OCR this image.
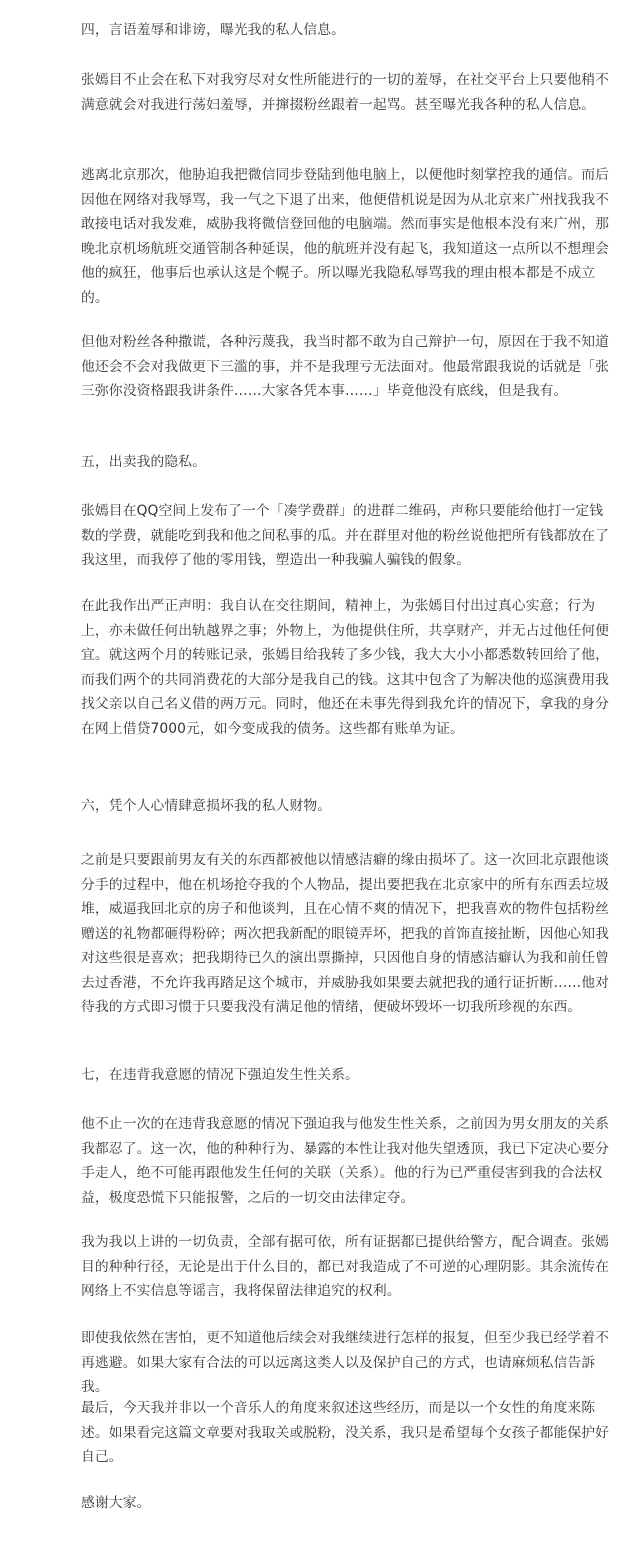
四，言语羞辱和诽谤，曝光我的私人信息。

张嫣目不止会在私下对我穷尽对女性所能进行的一切的羞辱，在社交平台上只要他稍不满意就会对我进行荡妇羞辱，并撺掇粉丝跟着一起骂。甚至曝光我各种的私人信息。

逃离北京那次，他胁迫我把微信同步登陆到他电脑上，以便他时刻掌控我的通信。而后因他在网络对我辱骂，我一气之下退了出来，他便借机说是因为从北京来广州找我我不敢接电话对我发难，威胁我将微信登回他的电脑端。然而事实是他根本没有来广州，那晚北京机场航班交通管制各种延误，他的航班并没有起飞，我知道这一点所以不想理会他的疯狂，他事后也承认这是个幌子。所以曝光我隐私辱骂我的理由根本都是不成立的。

但他对粉丝各种撒谎，各种污蔑我，我当时都不敢为自己辩护一句，原因在于我不知道他还会不会对我做更下三滥的事，并不是我理亏无法面对。他最常跟我说的话就是「张三弥你没资格跟我讲条件……大家各凭本事……」毕竟他没有底线，但是我有。

五，出卖我的隐私。

张嫣目在QQ空间上发布了一个「凑学费群」的进群二维码，声称只要能给他打一定钱数的学费，就能吃到我和他之间私事的瓜。并在群里对他的粉丝说他把所有钱都放在了我这里，而我停了他的零用钱，塑造出一种我骗人骗钱的假象。

在此我作出严正声明：我自认在交往期间，精神上，为张嫣目付出过真心实意；行为上，亦未做任何出轨越界之事；外物上，为他提供住所，共享财产，并无占过他任何便宜。就这两个月的转账记录，张嫣目给我转了多少钱，我大大小小都悉数转回给了他，而我们两个的共同消费花的大部分是我自己的钱。这其中包含了为解决他的巡演费用我找父亲以自己名义借的两万元。同时，他还在未事先得到我允许的情况下，拿我的身分在网上借贷7000元，如今变成我的债务。这些都有账单为证。

六，凭个人心情肆意损坏我的私人财物。

之前是只要跟前男友有关的东西都被他以情感洁癖的缘由损坏了。这一次回北京跟他谈分手的过程中，他在机场抢夺我的个人物品，提出要把我在北京家中的所有东西丢垃圾堆，威逼我回北京的房子和他谈判，且在心情不爽的情况下，把我喜欢的物件包括粉丝赠送的礼物都砸得粉碎；两次把我新配的眼镜弄坏，把我的首饰直接扯断，因他心知我对这些很是喜欢；把我期待已久的演出票撕掉，只因他自身的情感洁癖认为我和前任曾去过香港，不允许我再踏足这个城市，并威胁我如果要去就把我的通行证折断……他对待我的方式即习惯于只要我没有满足他的情绪，便破坏毁坏一切我所珍视的东西。

七，在违背我意愿的情况下强迫发生性关系。

他不止一次的在违背我意愿的情况下强迫我与他发生性关系，之前因为男女朋友的关系我都忍了。这一次，他的种种行为、暴露的本性让我对他失望透顶，我已下定决心要分手走人，绝不可能再跟他发生任何的关联（关系）。他的行为已严重侵害到我的合法权益，极度恐慌下只能报警，之后的一切交由法律定夺。

我为我以上讲的一切负责，全部有据可依，所有证据都已提供给警方，配合调查。张嫣目的种种行径，无论是出于什么目的，都已对我造成了不可逆的心理阴影。其余流传在网络上不实信息等谣言，我将保留法律追究的权利。

即使我依然在害怕，更不知道他后续会对我继续进行怎样的报复，但至少我已经学着不再逃避。如果大家有合法的可以远离这类人以及保护自己的方式，也请麻烦私信告訴我。

最后，今天我并非以一个音乐人的角度来叙述这些经历，而是以一个女性的角度来陈述。如果看完这篇文章要对我取关或脱粉，没关系，我只是希望每个女孩子都能保护好自己。

感谢大家。
